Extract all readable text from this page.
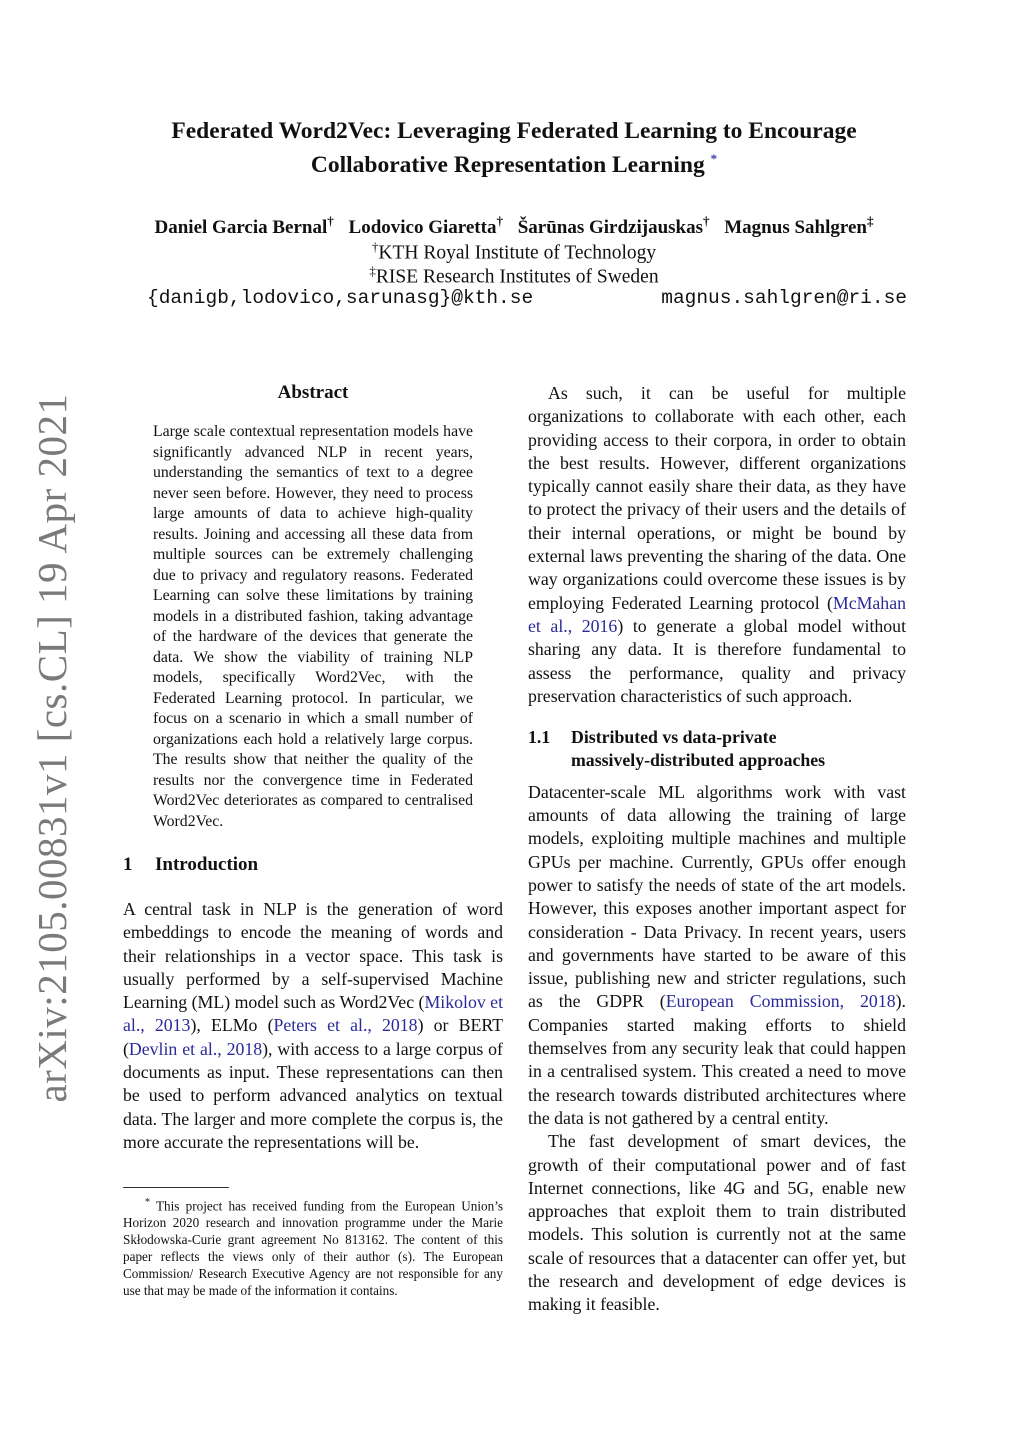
arXiv:2105.00831v1 [cs.CL] 19 Apr 2021
Federated Word2Vec: Leveraging Federated Learning to Encourage
Collaborative Representation Learning *
Daniel Garcia Bernal† Lodovico Giaretta† Šarūnas Girdzijauskas† Magnus Sahlgren‡
†KTH Royal Institute of Technology
‡RISE Research Institutes of Sweden
{danigb,lodovico,sarunasg}@kth.se	magnus.sahlgren@ri.se
Abstract
Large scale contextual representation models have significantly advanced NLP in recent years, understanding the semantics of text to a degree never seen before. However, they need to process large amounts of data to achieve high-quality results. Joining and accessing all these data from multiple sources can be extremely challenging due to privacy and regulatory reasons. Federated Learning can solve these limitations by training models in a distributed fashion, taking advantage of the hardware of the devices that generate the data. We show the viability of training NLP models, specifically Word2Vec, with the Federated Learning protocol. In particular, we focus on a scenario in which a small number of organizations each hold a relatively large corpus. The results show that neither the quality of the results nor the convergence time in Federated Word2Vec deteriorates as compared to centralised Word2Vec.
1	Introduction

A central task in NLP is the generation of word embeddings to encode the meaning of words and their relationships in a vector space. This task is usually performed by a self-supervised Machine Learning (ML) model such as Word2Vec (Mikolov et al., 2013), ELMo (Peters et al., 2018) or BERT (Devlin et al., 2018), with access to a large corpus of documents as input. These representations can then be used to perform advanced analytics on textual data. The larger and more complete the corpus is, the more accurate the representations will be.

* This project has received funding from the European Union’s Horizon 2020 research and innovation programme under the Marie Skłodowska-Curie grant agreement No 813162. The content of this paper reflects the views only of their author (s). The European Commission/ Research Executive Agency are not responsible for any use that may be made of the information it contains.

As such, it can be useful for multiple organizations to collaborate with each other, each providing access to their corpora, in order to obtain the best results. However, different organizations typically cannot easily share their data, as they have to protect the privacy of their users and the details of their internal operations, or might be bound by external laws preventing the sharing of the data. One way organizations could overcome these issues is by employing Federated Learning protocol (McMahan et al., 2016) to generate a global model without sharing any data. It is therefore fundamental to assess the performance, quality and privacy preservation characteristics of such approach.

1.1	Distributed vs data-private
massively-distributed approaches

Datacenter-scale ML algorithms work with vast amounts of data allowing the training of large models, exploiting multiple machines and multiple GPUs per machine. Currently, GPUs offer enough power to satisfy the needs of state of the art models. However, this exposes another important aspect for consideration - Data Privacy. In recent years, users and governments have started to be aware of this issue, publishing new and stricter regulations, such as the GDPR (European Commission, 2018). Companies started making efforts to shield themselves from any security leak that could happen in a centralised system. This created a need to move the research towards distributed architectures where the data is not gathered by a central entity.

The fast development of smart devices, the growth of their computational power and of fast Internet connections, like 4G and 5G, enable new approaches that exploit them to train distributed models. This solution is currently not at the same scale of resources that a datacenter can offer yet, but the research and development of edge devices is making it feasible.
